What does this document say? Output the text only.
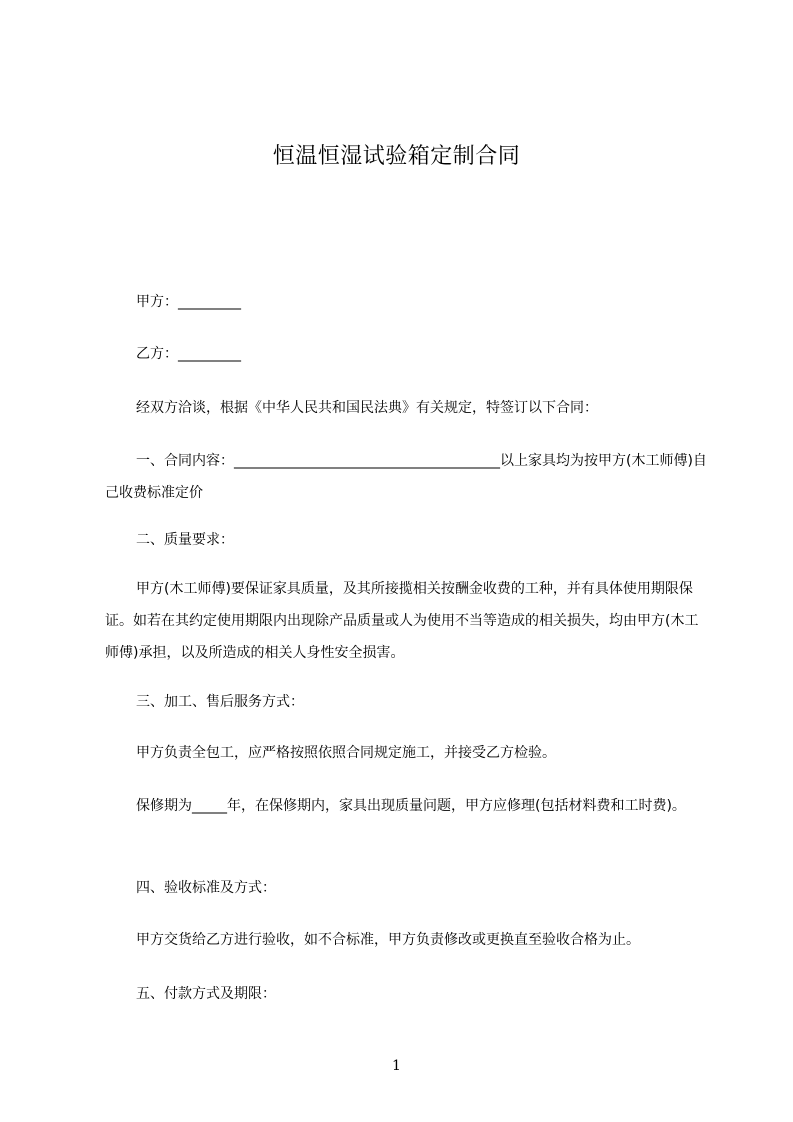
恒温恒湿试验箱定制合同
甲方：_________
乙方：_________
经双方洽谈，根据《中华人民共和国民法典》有关规定，特签订以下合同：
一、合同内容：______________________________________以上家具均为按甲方(木工师傅)自己收费标准定价
二、质量要求：
甲方(木工师傅)要保证家具质量，及其所接揽相关按酬金收费的工种，并有具体使用期限保证。如若在其约定使用期限内出现除产品质量或人为使用不当等造成的相关损失，均由甲方(木工师傅)承担，以及所造成的相关人身性安全损害。
三、加工、售后服务方式：
甲方负责全包工，应严格按照依照合同规定施工，并接受乙方检验。
保修期为_____年，在保修期内，家具出现质量问题，甲方应修理(包括材料费和工时费)。
四、验收标准及方式：
甲方交货给乙方进行验收，如不合标准，甲方负责修改或更换直至验收合格为止。
五、付款方式及期限：
1
